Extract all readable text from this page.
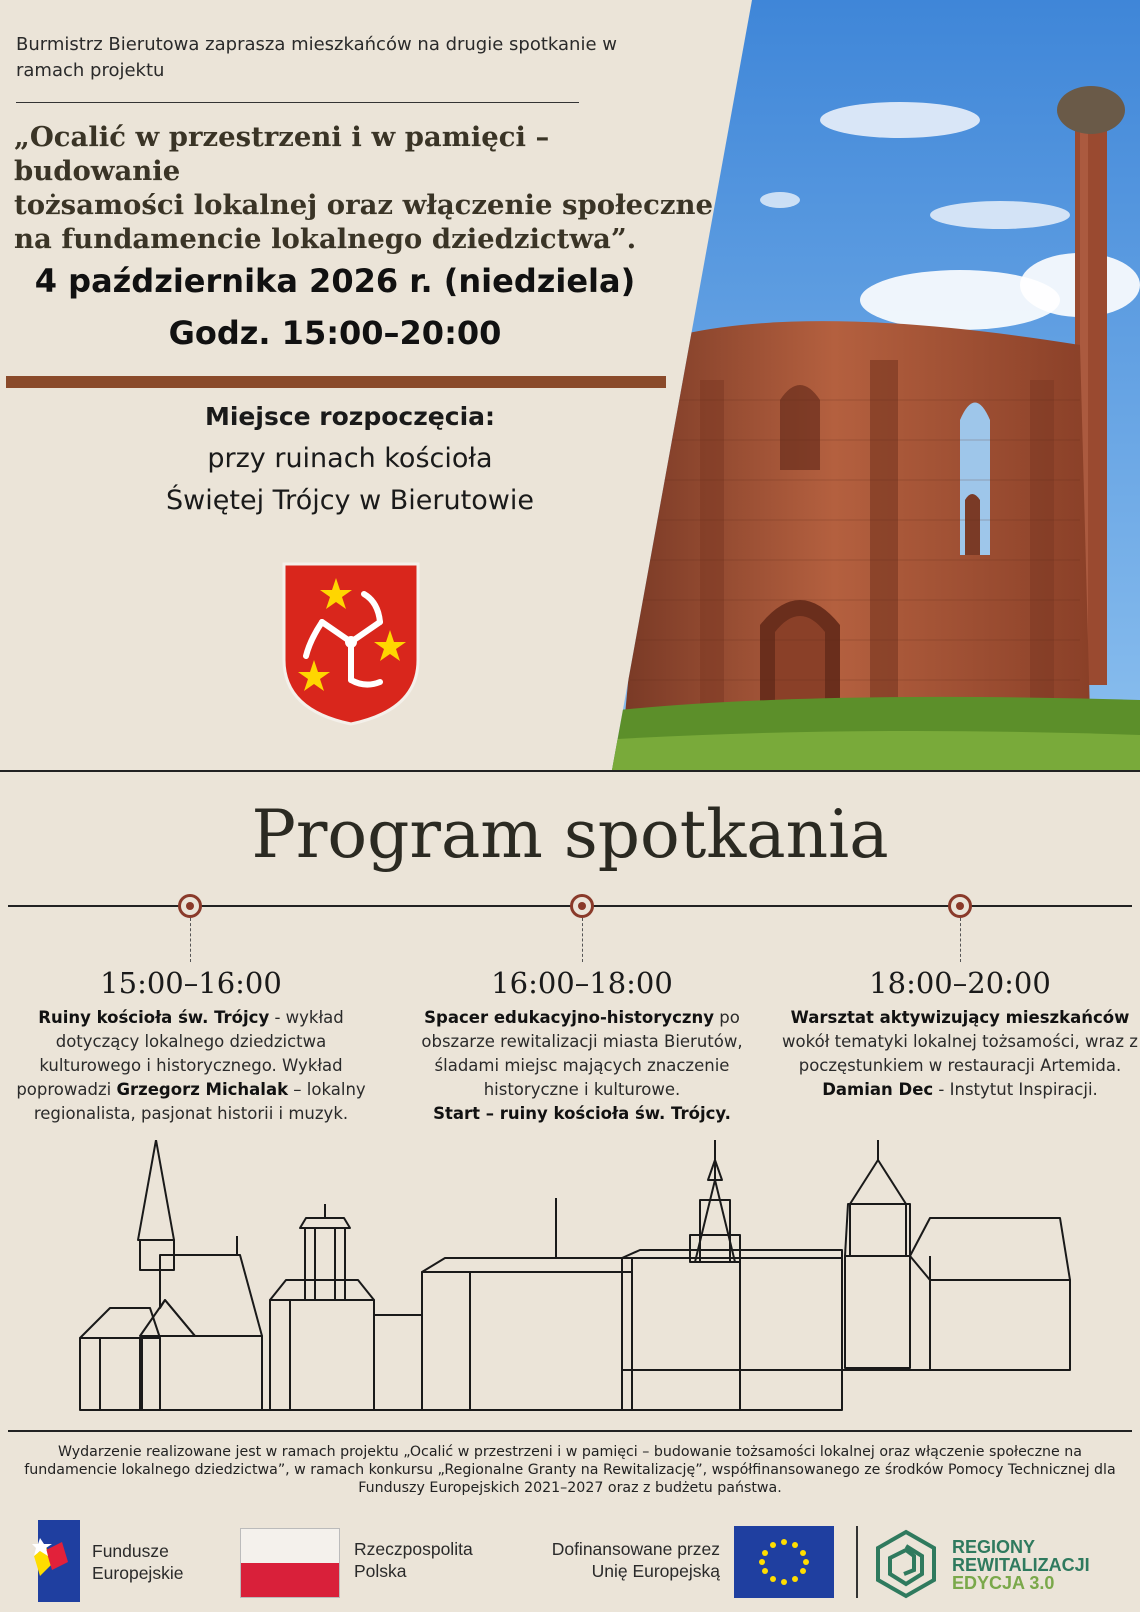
Burmistrz Bierutowa zaprasza mieszkańców na drugie spotkanie w ramach projektu
„Ocalić w przestrzeni i w pamięci – budowanie
tożsamości lokalnej oraz włączenie społeczne
na fundamencie lokalnego dziedzictwa”.
4 października 2026 r. (niedziela)
Godz. 15:00–20:00
Miejsce rozpoczęcia:
przy ruinach kościoła
Świętej Trójcy w Bierutowie
Program spotkania
15:00–16:00
Ruiny kościoła św. Trójcy - wykład dotyczący lokalnego dziedzictwa kulturowego i historycznego. Wykład poprowadzi Grzegorz Michalak – lokalny regionalista, pasjonat historii i muzyk.
16:00–18:00
Spacer edukacyjno-historyczny po obszarze rewitalizacji miasta Bierutów, śladami miejsc mających znaczenie historyczne i kulturowe.
Start – ruiny kościoła św. Trójcy.
18:00–20:00
Warsztat aktywizujący mieszkańców wokół tematyki lokalnej tożsamości, wraz z poczęstunkiem w restauracji Artemida.
Damian Dec - Instytut Inspiracji.
Wydarzenie realizowane jest w ramach projektu „Ocalić w przestrzeni i w pamięci – budowanie tożsamości lokalnej oraz włączenie społeczne na fundamencie lokalnego dziedzictwa”, w ramach konkursu „Regionalne Granty na Rewitalizację”, współfinansowanego ze środków Pomocy Technicznej dla Funduszy Europejskich 2021–2027 oraz z budżetu państwa.
Fundusze
Europejskie
Rzeczpospolita
Polska
Dofinansowane przez
Unię Europejską
REGIONY
REWITALIZACJI
EDYCJA 3.0
